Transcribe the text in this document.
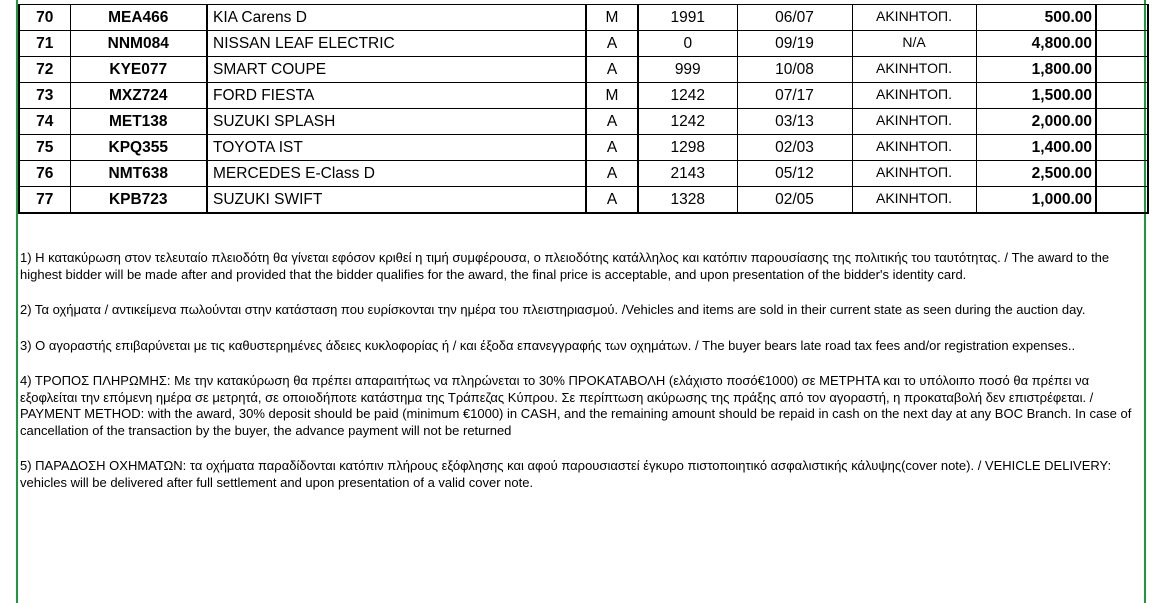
70	MEA466	KIA Carens D	M	1991	06/07	ΑΚΙΝΗΤΟΠ.	500.00	
71	NNM084	NISSAN LEAF ELECTRIC	A	0	09/19	N/A	4,800.00	
72	KYE077	SMART COUPE	A	999	10/08	ΑΚΙΝΗΤΟΠ.	1,800.00	
73	MXZ724	FORD FIESTA	M	1242	07/17	ΑΚΙΝΗΤΟΠ.	1,500.00	
74	MET138	SUZUKI SPLASH	A	1242	03/13	ΑΚΙΝΗΤΟΠ.	2,000.00	
75	KPQ355	TOYOTA IST	A	1298	02/03	ΑΚΙΝΗΤΟΠ.	1,400.00	
76	NMT638	MERCEDES E-Class D	A	2143	05/12	ΑΚΙΝΗΤΟΠ.	2,500.00	
77	KPB723	SUZUKI SWIFT	A	1328	02/05	ΑΚΙΝΗΤΟΠ.	1,000.00	

1) Η κατακύρωση στον τελευταίο πλειοδότη θα γίνεται εφόσον κριθεί η τιμή συμφέρουσα, ο πλειοδότης κατάλληλος και κατόπιν παρουσίασης της πολιτικής του ταυτότητας. / The award to the highest bidder will be made after and provided that the bidder qualifies for the award, the final price is acceptable, and upon presentation of the bidder's identity card.

2) Τα οχήματα / αντικείμενα πωλούνται στην κατάσταση που ευρίσκονται την ημέρα του πλειστηριασμού. /Vehicles and items are sold in their current state as seen during the auction day.

3) Ο αγοραστής επιβαρύνεται με τις καθυστερημένες άδειες κυκλοφορίας ή / και έξοδα επανεγγραφής των οχημάτων. / The buyer bears late road tax fees and/or registration expenses..

4) ΤΡΟΠΟΣ ΠΛΗΡΩΜΗΣ: Με την κατακύρωση θα πρέπει απαραιτήτως να πληρώνεται το 30% ΠΡΟΚΑΤΑΒΟΛΗ (ελάχιστο ποσό€1000) σε ΜΕΤΡΗΤΑ και το υπόλοιπο ποσό θα πρέπει να εξοφλείται την επόμενη ημέρα σε μετρητά, σε οποιοδήποτε κατάστημα της Τράπεζας Κύπρου. Σε περίπτωση ακύρωσης της πράξης από τον αγοραστή, η προκαταβολή δεν επιστρέφεται. / PAYMENT METHOD: with the award, 30% deposit should be paid (minimum €1000) in CASH, and the remaining amount should be repaid in cash on the next day at any BOC Branch. In case of cancellation of the transaction by the buyer, the advance payment will not be returned

5) ΠΑΡΑΔΟΣΗ ΟΧΗΜΑΤΩΝ: τα οχήματα παραδίδονται κατόπιν πλήρους εξόφλησης και αφού παρουσιαστεί έγκυρο πιστοποιητικό ασφαλιστικής κάλυψης(cover note). / VEHICLE DELIVERY: vehicles will be delivered after full settlement and upon presentation of a valid cover note.
